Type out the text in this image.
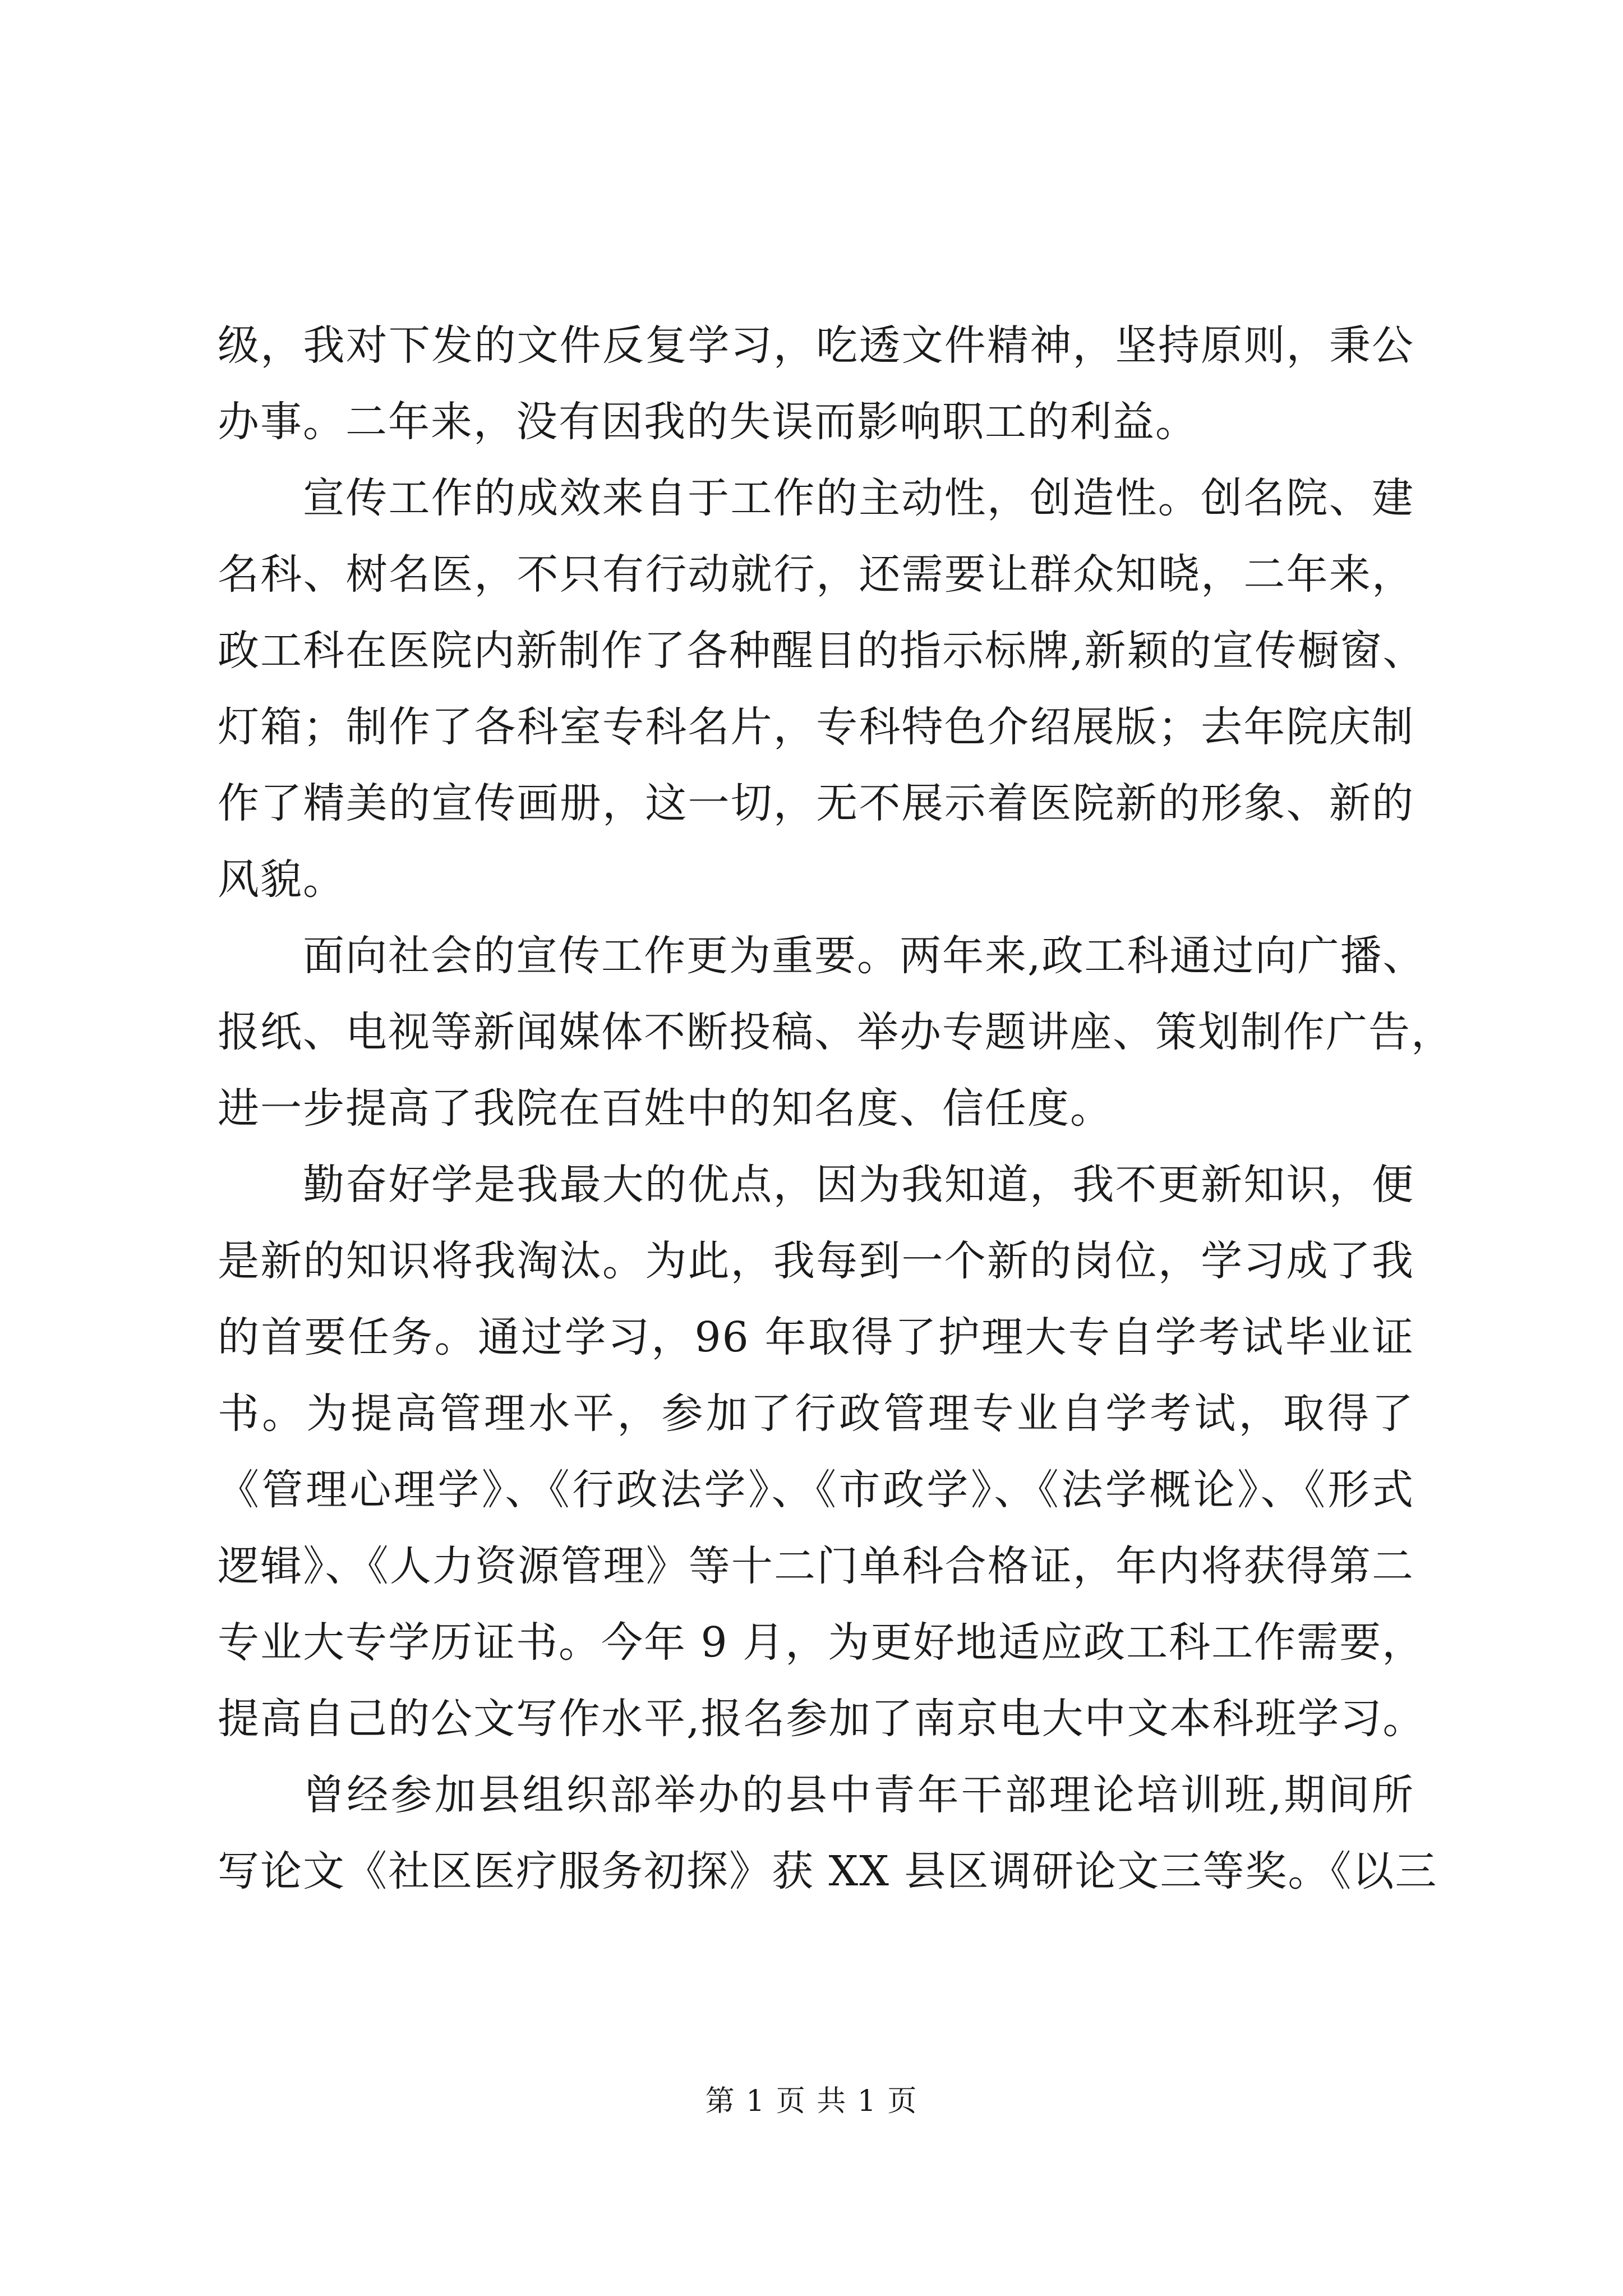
级，我对下发的文件反复学习，吃透文件精神，坚持原则，秉公
办事。二年来，没有因我的失误而影响职工的利益。
宣传工作的成效来自于工作的主动性，创造性。创名院、建
名科、树名医，不只有行动就行，还需要让群众知晓，二年来，
政工科在医院内新制作了各种醒目的指示标牌,新颖的宣传橱窗、
灯箱；制作了各科室专科名片，专科特色介绍展版；去年院庆制
作了精美的宣传画册，这一切，无不展示着医院新的形象、新的
风貌。
面向社会的宣传工作更为重要。两年来,政工科通过向广播、
报纸、电视等新闻媒体不断投稿、举办专题讲座、策划制作广告，
进一步提高了我院在百姓中的知名度、信任度。
勤奋好学是我最大的优点，因为我知道，我不更新知识，便
是新的知识将我淘汰。为此，我每到一个新的岗位，学习成了我
的首要任务。通过学习，96 年取得了护理大专自学考试毕业证
书。为提高管理水平，参加了行政管理专业自学考试，取得了
《管理心理学》、《行政法学》、《市政学》、《法学概论》、《形式
逻辑》、《人力资源管理》等十二门单科合格证，年内将获得第二
专业大专学历证书。今年 9 月，为更好地适应政工科工作需要，
提高自己的公文写作水平,报名参加了南京电大中文本科班学习。
曾经参加县组织部举办的县中青年干部理论培训班,期间所
写论文《社区医疗服务初探》获 XX 县区调研论文三等奖。《以三
第 1 页 共 1 页
